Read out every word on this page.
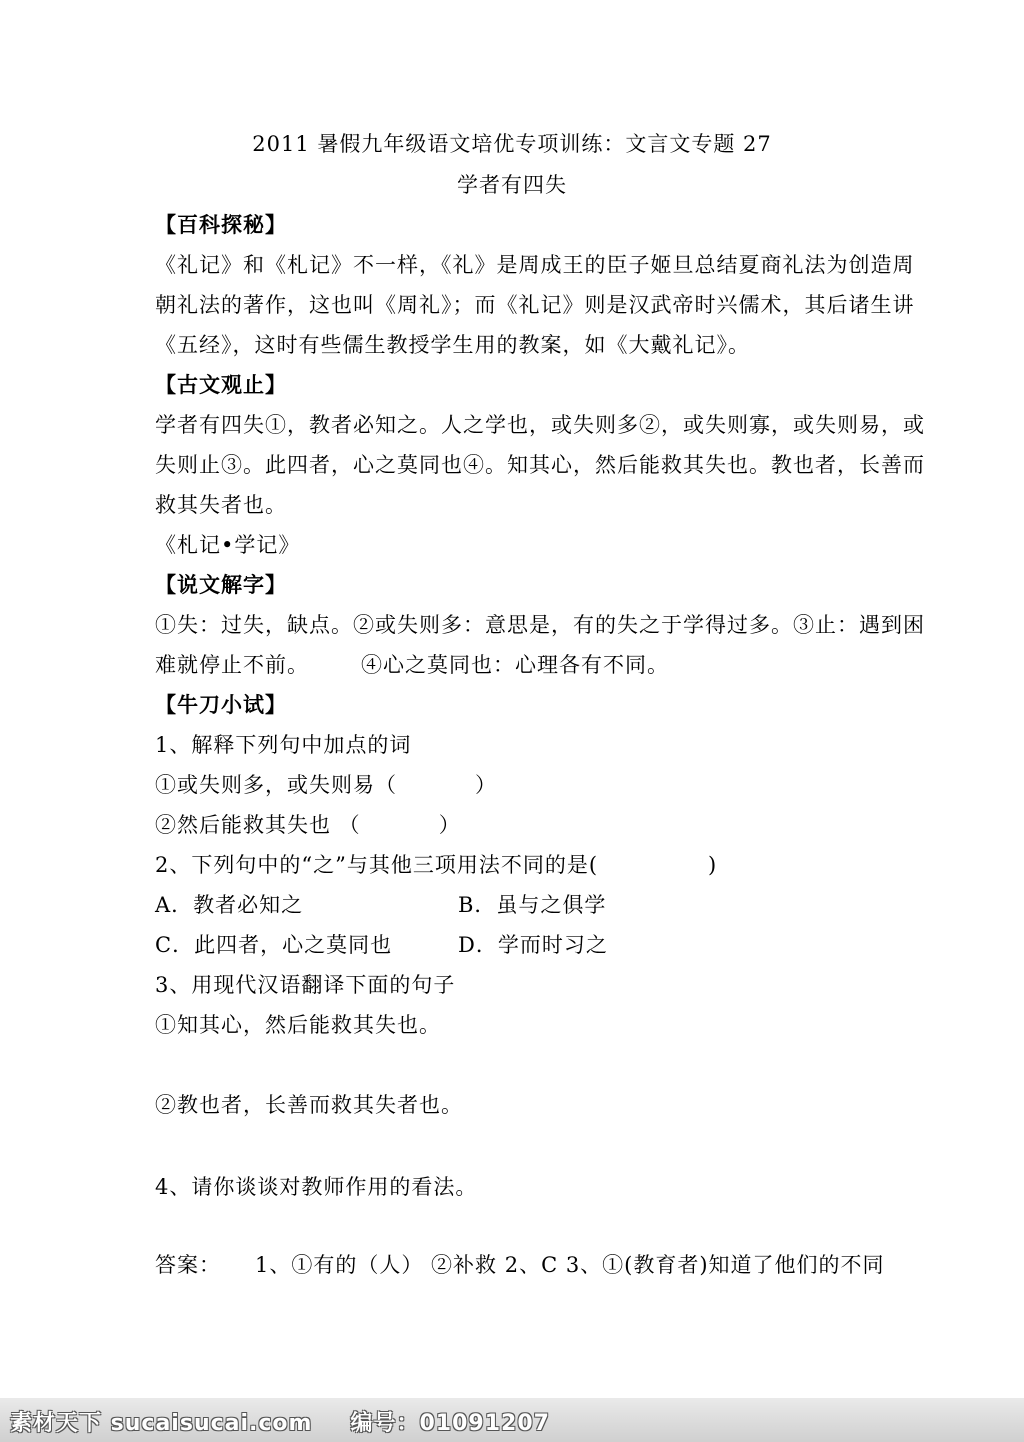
2011 暑假九年级语文培优专项训练：文言文专题 27
学者有四失
【百科探秘】
《礼记》和《札记》不一样，《礼》是周成王的臣子姬旦总结夏商礼法为创造周
朝礼法的著作，这也叫《周礼》；而《礼记》则是汉武帝时兴儒术，其后诸生讲
《五经》，这时有些儒生教授学生用的教案，如《大戴礼记》。
【古文观止】
学者有四失①，教者必知之。人之学也，或失则多②，或失则寡，或失则易，或
失则止③。此四者，心之莫同也④。知其心，然后能救其失也。教也者，长善而
救其失者也。
《札记•学记》
【说文解字】
①失：过失，缺点。②或失则多：意思是，有的失之于学得过多。③止：遇到困
难就停止不前。 ④心之莫同也：心理各有不同。
【牛刀小试】
1、解释下列句中加点的词
①或失则多，或失则易（	）
②然后能救其失也 （	）
2、下列句中的“之”与其他三项用法不同的是(	)
A．教者必知之	B．虽与之俱学
C．此四者，心之莫同也	D．学而时习之
3、用现代汉语翻译下面的句子
①知其心，然后能救其失也。
②教也者，长善而救其失者也。
4、请你谈谈对教师作用的看法。
答案： 1、①有的（人） ②补救 2、C 3、①(教育者)知道了他们的不同
素材天下 sucaisucai.com 编号：01091207
